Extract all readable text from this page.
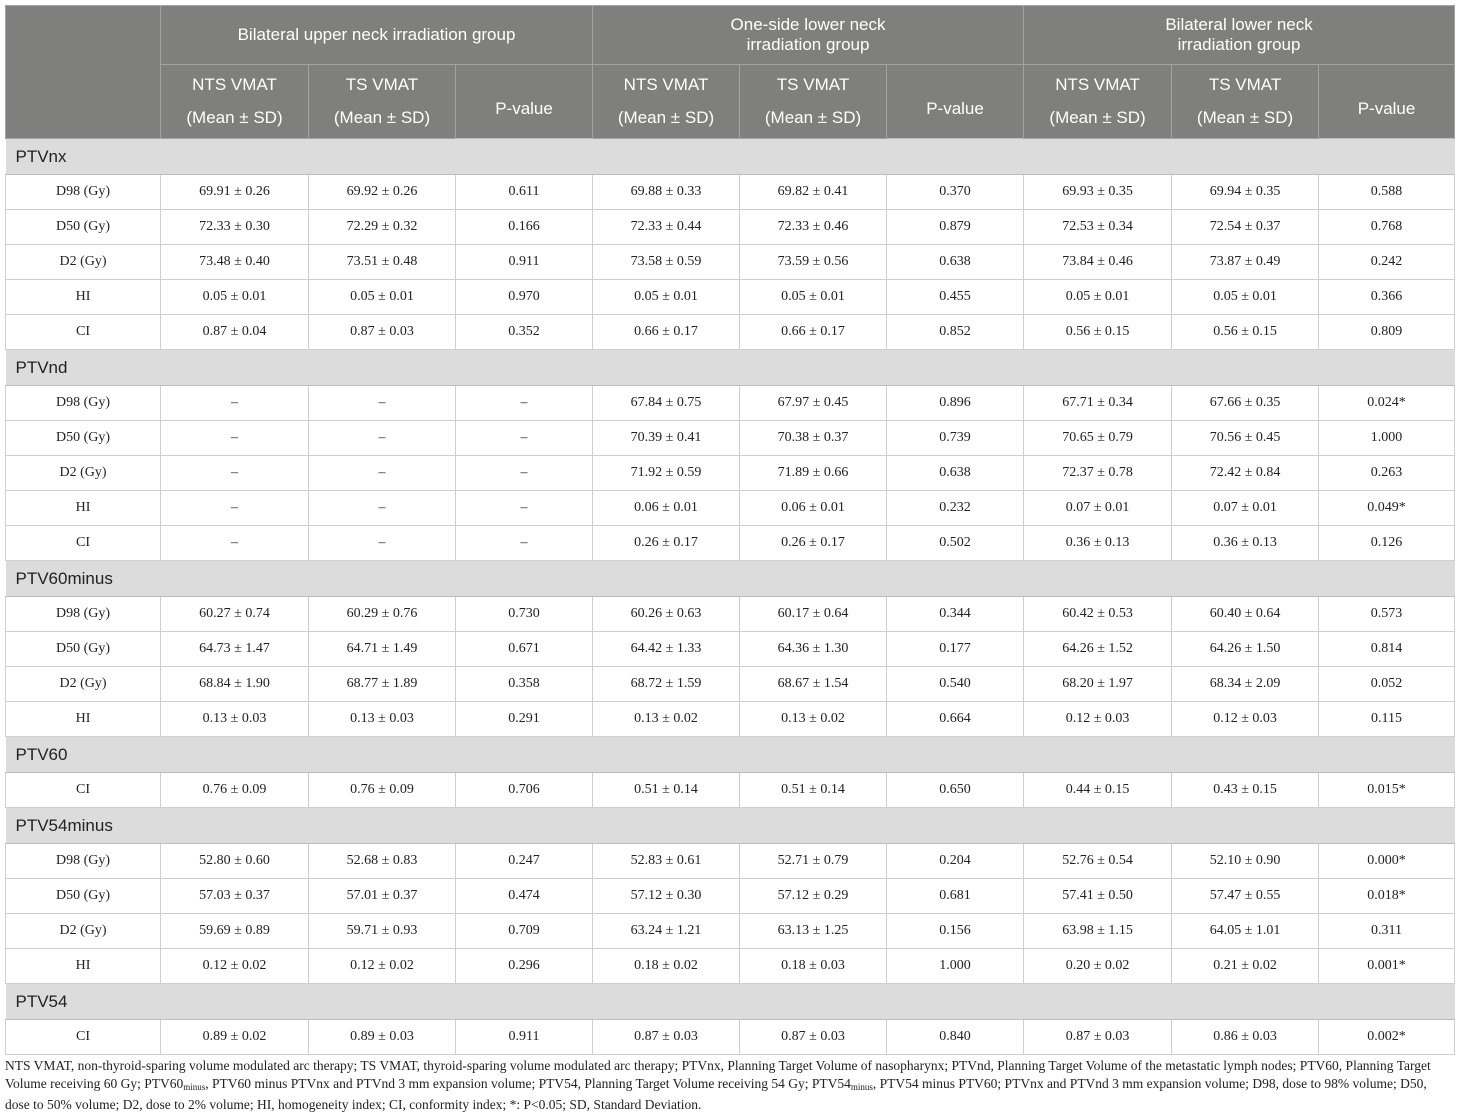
	Bilateral upper neck irradiation group			One-side lower neck irradiation group			Bilateral lower neck irradiation group		

	NTS VMAT	TS VMAT	P-value	NTS VMAT	TS VMAT	P-value	NTS VMAT	TS VMAT	P-value
	(Mean ± SD)	(Mean ± SD)		(Mean ± SD)	(Mean ± SD)		(Mean ± SD)	(Mean ± SD)	
PTVnx									
D98 (Gy)	69.91 ± 0.26	69.92 ± 0.26	0.611	69.88 ± 0.33	69.82 ± 0.41	0.370	69.93 ± 0.35	69.94 ± 0.35	0.588
D50 (Gy)	72.33 ± 0.30	72.29 ± 0.32	0.166	72.33 ± 0.44	72.33 ± 0.46	0.879	72.53 ± 0.34	72.54 ± 0.37	0.768
D2 (Gy)	73.48 ± 0.40	73.51 ± 0.48	0.911	73.58 ± 0.59	73.59 ± 0.56	0.638	73.84 ± 0.46	73.87 ± 0.49	0.242
HI	0.05 ± 0.01	0.05 ± 0.01	0.970	0.05 ± 0.01	0.05 ± 0.01	0.455	0.05 ± 0.01	0.05 ± 0.01	0.366
CI	0.87 ± 0.04	0.87 ± 0.03	0.352	0.66 ± 0.17	0.66 ± 0.17	0.852	0.56 ± 0.15	0.56 ± 0.15	0.809
PTVnd									
D98 (Gy)	–	–	–	67.84 ± 0.75	67.97 ± 0.45	0.896	67.71 ± 0.34	67.66 ± 0.35	0.024*
D50 (Gy)	–	–	–	70.39 ± 0.41	70.38 ± 0.37	0.739	70.65 ± 0.79	70.56 ± 0.45	1.000
D2 (Gy)	–	–	–	71.92 ± 0.59	71.89 ± 0.66	0.638	72.37 ± 0.78	72.42 ± 0.84	0.263
HI	–	–	–	0.06 ± 0.01	0.06 ± 0.01	0.232	0.07 ± 0.01	0.07 ± 0.01	0.049*
CI	–	–	–	0.26 ± 0.17	0.26 ± 0.17	0.502	0.36 ± 0.13	0.36 ± 0.13	0.126
PTV60minus									
D98 (Gy)	60.27 ± 0.74	60.29 ± 0.76	0.730	60.26 ± 0.63	60.17 ± 0.64	0.344	60.42 ± 0.53	60.40 ± 0.64	0.573
D50 (Gy)	64.73 ± 1.47	64.71 ± 1.49	0.671	64.42 ± 1.33	64.36 ± 1.30	0.177	64.26 ± 1.52	64.26 ± 1.50	0.814
D2 (Gy)	68.84 ± 1.90	68.77 ± 1.89	0.358	68.72 ± 1.59	68.67 ± 1.54	0.540	68.20 ± 1.97	68.34 ± 2.09	0.052
HI	0.13 ± 0.03	0.13 ± 0.03	0.291	0.13 ± 0.02	0.13 ± 0.02	0.664	0.12 ± 0.03	0.12 ± 0.03	0.115
PTV60									
CI	0.76 ± 0.09	0.76 ± 0.09	0.706	0.51 ± 0.14	0.51 ± 0.14	0.650	0.44 ± 0.15	0.43 ± 0.15	0.015*
PTV54minus									
D98 (Gy)	52.80 ± 0.60	52.68 ± 0.83	0.247	52.83 ± 0.61	52.71 ± 0.79	0.204	52.76 ± 0.54	52.10 ± 0.90	0.000*
D50 (Gy)	57.03 ± 0.37	57.01 ± 0.37	0.474	57.12 ± 0.30	57.12 ± 0.29	0.681	57.41 ± 0.50	57.47 ± 0.55	0.018*
D2 (Gy)	59.69 ± 0.89	59.71 ± 0.93	0.709	63.24 ± 1.21	63.13 ± 1.25	0.156	63.98 ± 1.15	64.05 ± 1.01	0.311
HI	0.12 ± 0.02	0.12 ± 0.02	0.296	0.18 ± 0.02	0.18 ± 0.03	1.000	0.20 ± 0.02	0.21 ± 0.02	0.001*
PTV54									
CI	0.89 ± 0.02	0.89 ± 0.03	0.911	0.87 ± 0.03	0.87 ± 0.03	0.840	0.87 ± 0.03	0.86 ± 0.03	0.002*
NTS VMAT, non-thyroid-sparing volume modulated arc therapy; TS VMAT, thyroid-sparing volume modulated arc therapy; PTVnx, Planning Target Volume of nasopharynx; PTVnd, Planning Target Volume of the metastatic lymph nodes; PTV60, Planning Target Volume receiving 60 Gy; $PTV60_{minus}$, PTV60 minus PTVnx and PTVnd 3 mm expansion volume; PTV54, Planning Target Volume receiving 54 Gy; $PTV54_{minus}$, PTV54 minus PTV60; PTVnx and PTVnd 3 mm expansion volume; D98, dose to 98% volume; D50, dose to 50% volume; D2, dose to 2% volume; HI, homogeneity index; CI, conformity index; *: P<0.05; SD, Standard Deviation.
